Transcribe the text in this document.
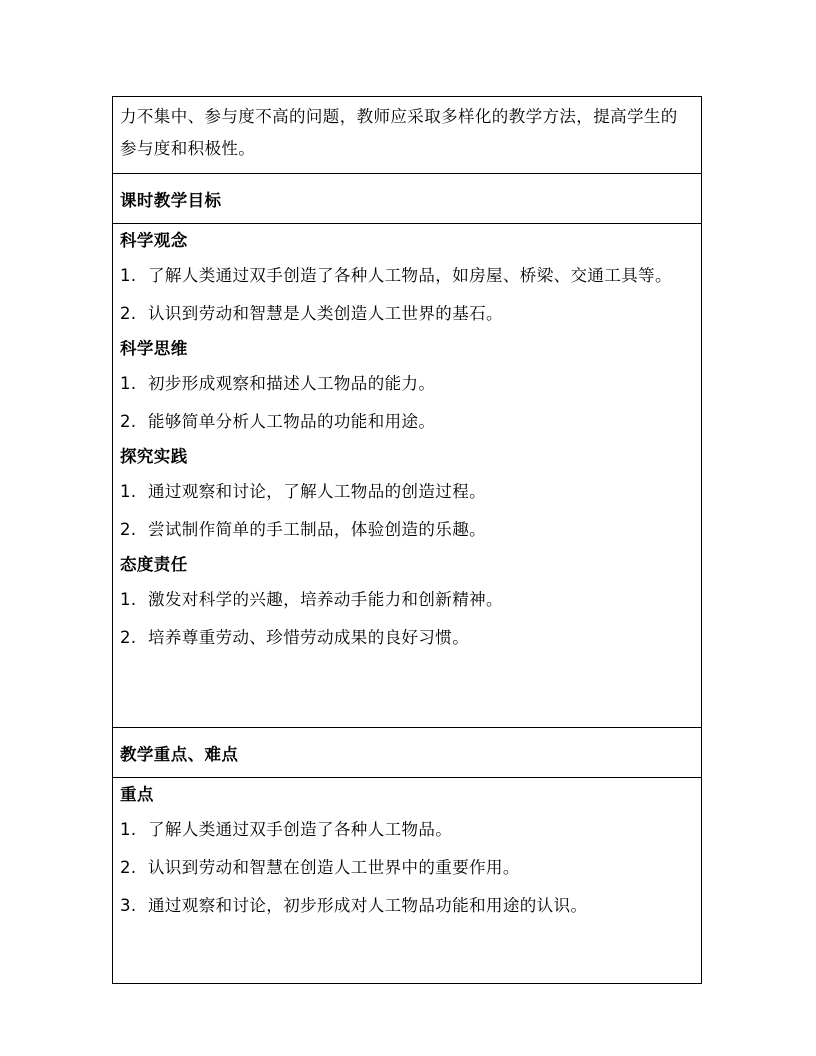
力不集中、参与度不高的问题，教师应采取多样化的教学方法，提高学生的参与度和积极性。

课时教学目标
科学观念
1. 了解人类通过双手创造了各种人工物品，如房屋、桥梁、交通工具等。
2. 认识到劳动和智慧是人类创造人工世界的基石。
科学思维
1. 初步形成观察和描述人工物品的能力。
2. 能够简单分析人工物品的功能和用途。
探究实践
1. 通过观察和讨论，了解人工物品的创造过程。
2. 尝试制作简单的手工制品，体验创造的乐趣。
态度责任
1. 激发对科学的兴趣，培养动手能力和创新精神。
2. 培养尊重劳动、珍惜劳动成果的良好习惯。
教学重点、难点
重点
1. 了解人类通过双手创造了各种人工物品。
2. 认识到劳动和智慧在创造人工世界中的重要作用。
3. 通过观察和讨论，初步形成对人工物品功能和用途的认识。
